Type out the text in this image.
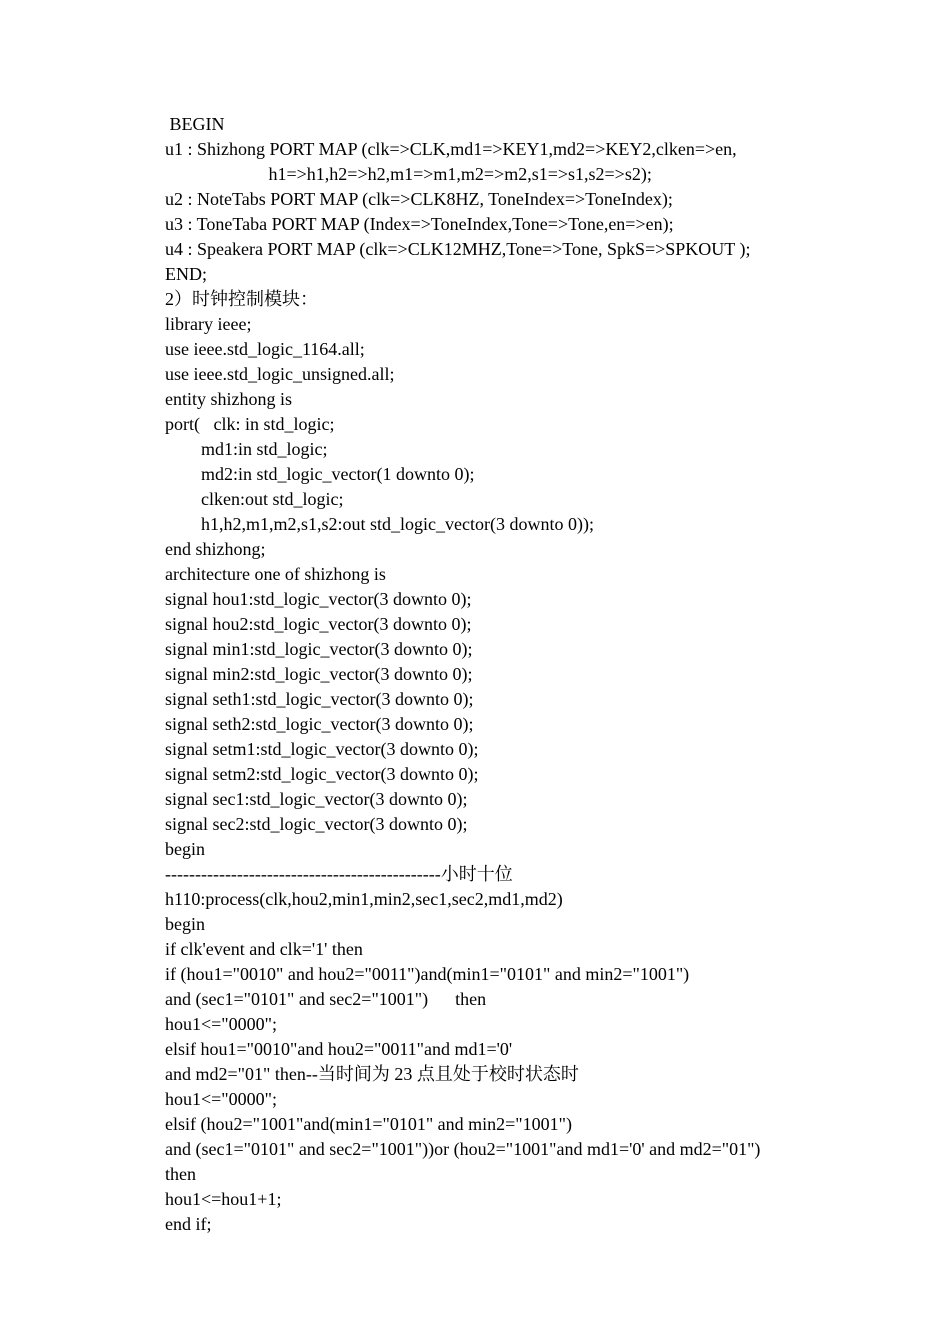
BEGIN
u1 : Shizhong PORT MAP (clk=>CLK,md1=>KEY1,md2=>KEY2,clken=>en,
h1=>h1,h2=>h2,m1=>m1,m2=>m2,s1=>s1,s2=>s2);
u2 : NoteTabs PORT MAP (clk=>CLK8HZ, ToneIndex=>ToneIndex);
u3 : ToneTaba PORT MAP (Index=>ToneIndex,Tone=>Tone,en=>en);
u4 : Speakera PORT MAP (clk=>CLK12MHZ,Tone=>Tone, SpkS=>SPKOUT );
END;
2）时钟控制模块：
library ieee;
use ieee.std_logic_1164.all;
use ieee.std_logic_unsigned.all;
entity shizhong is
port(   clk: in std_logic;
md1:in std_logic;
md2:in std_logic_vector(1 downto 0);
clken:out std_logic;
h1,h2,m1,m2,s1,s2:out std_logic_vector(3 downto 0));
end shizhong;
architecture one of shizhong is
signal hou1:std_logic_vector(3 downto 0);
signal hou2:std_logic_vector(3 downto 0);
signal min1:std_logic_vector(3 downto 0);
signal min2:std_logic_vector(3 downto 0);
signal seth1:std_logic_vector(3 downto 0);
signal seth2:std_logic_vector(3 downto 0);
signal setm1:std_logic_vector(3 downto 0);
signal setm2:std_logic_vector(3 downto 0);
signal sec1:std_logic_vector(3 downto 0);
signal sec2:std_logic_vector(3 downto 0);
begin
----------------------------------------------小时十位
h110:process(clk,hou2,min1,min2,sec1,sec2,md1,md2)
begin
if clk'event and clk='1' then
if (hou1="0010" and hou2="0011")and(min1="0101" and min2="1001")
and (sec1="0101" and sec2="1001")      then
hou1<="0000";
elsif hou1="0010"and hou2="0011"and md1='0'
and md2="01" then--当时间为 23 点且处于校时状态时
hou1<="0000";
elsif (hou2="1001"and(min1="0101" and min2="1001")
and (sec1="0101" and sec2="1001"))or (hou2="1001"and md1='0' and md2="01")
then
hou1<=hou1+1;
end if;
